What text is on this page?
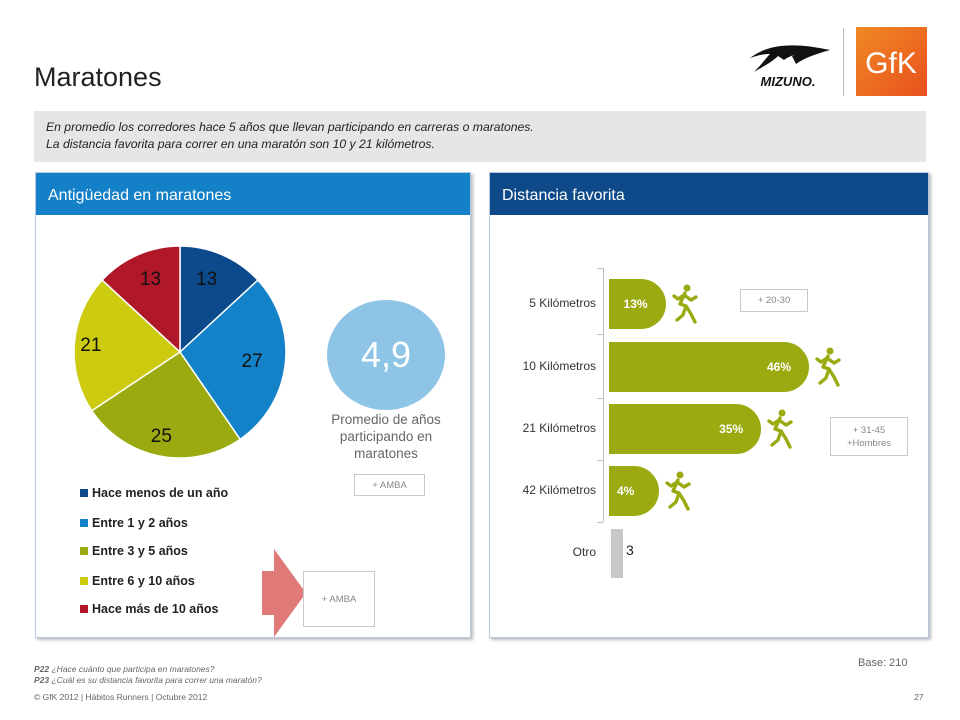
Maratones	MIZUNO.
GfK
En promedio los corredores hace 5 años que llevan participando en carreras o maratones.
La distancia favorita para correr en una maratón son 10 y 21 kilómetros.
Antigüedad en maratones
13
27
25
21
13
4,9
Promedio de años participando en maratones
+ AMBA
Hace menos de un año
Entre 1 y 2 años
Entre 3 y 5 años
Entre 6 y 10 años
Hace más de 10 años
+ AMBA
Distancia favorita
5 Kilómetros 13%
10 Kilómetros	46%
21 Kilómetros	35%
42 Kilómetros 4%
Otro 3
+ 20-30
+ 31-45
+Hombres
P22 ¿Hace cuánto que participa en maratones?
P23 ¿Cuál es su distancia favorita para correr una maratón?
© GfK 2012 | Hábitos Runners | Octubre 2012
Base: 210
27
